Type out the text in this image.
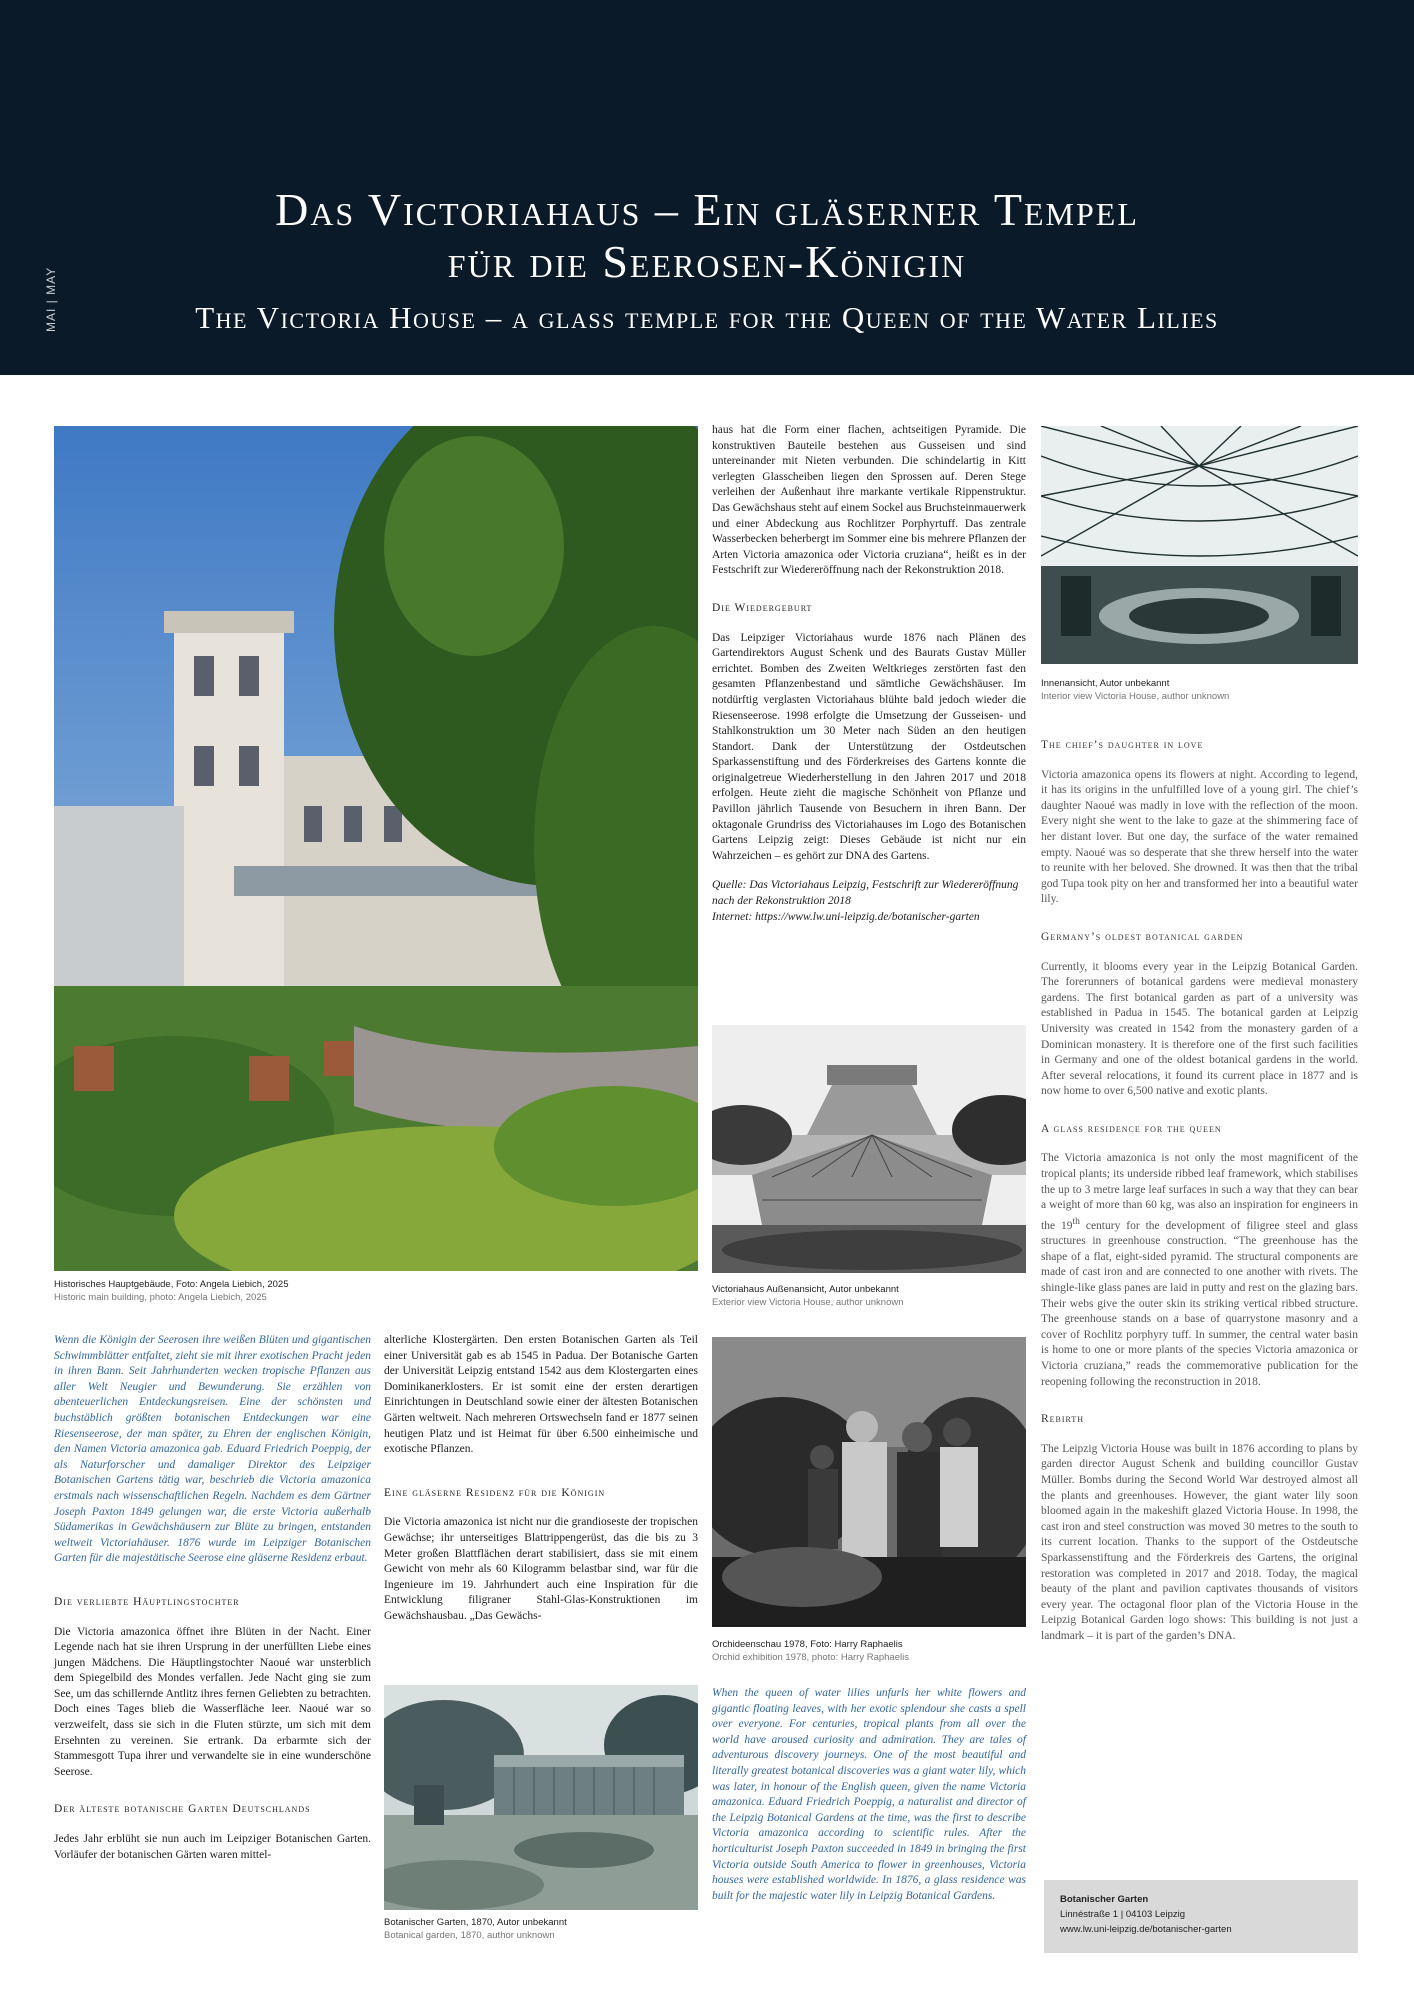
MAI | MAY
Das Victoriahaus – Ein gläserner Tempel
für die Seerosen-Königin
The Victoria House – a glass temple for the Queen of the Water Lilies
Historisches Hauptgebäude, Foto: Angela Liebich, 2025
Historic main building, photo: Angela Liebich, 2025

Wenn die Königin der Seerosen ihre weißen Blüten und gigantischen Schwimmblätter entfaltet, zieht sie mit ihrer exotischen Pracht jeden in ihren Bann. Seit Jahrhunderten wecken tropische Pflanzen aus aller Welt Neugier und Bewunderung. Sie erzählen von abenteuerlichen Entdeckungsreisen. Eine der schönsten und buchstäblich größten botanischen Entdeckungen war eine Riesenseerose, der man später, zu Ehren der englischen Königin, den Namen Victoria amazonica gab. Eduard Friedrich Poeppig, der als Naturforscher und damaliger Direktor des Leipziger Botanischen Gartens tätig war, beschrieb die Victoria amazonica erstmals nach wissenschaftlichen Regeln. Nachdem es dem Gärtner Joseph Paxton 1849 gelungen war, die erste Victoria außerhalb Südamerikas in Gewächshäusern zur Blüte zu bringen, entstanden weltweit Victoriahäuser. 1876 wurde im Leipziger Botanischen Garten für die majestätische Seerose eine gläserne Residenz erbaut.

Die verliebte Häuptlingstochter

Die Victoria amazonica öffnet ihre Blüten in der Nacht. Einer Legende nach hat sie ihren Ursprung in der unerfüllten Liebe eines jungen Mädchens. Die Häuptlingstochter Naoué war unsterblich dem Spiegelbild des Mondes verfallen. Jede Nacht ging sie zum See, um das schillernde Antlitz ihres fernen Geliebten zu betrachten. Doch eines Tages blieb die Wasserfläche leer. Naoué war so verzweifelt, dass sie sich in die Fluten stürzte, um sich mit dem Ersehnten zu vereinen. Sie ertrank. Da erbarmte sich der Stammesgott Tupa ihrer und verwandelte sie in eine wunderschöne Seerose.

Der älteste botanische Garten Deutschlands

Jedes Jahr erblüht sie nun auch im Leipziger Botanischen Garten. Vorläufer der botanischen Gärten waren mittel-

alterliche Klostergärten. Den ersten Botanischen Garten als Teil einer Universität gab es ab 1545 in Padua. Der Botanische Garten der Universität Leipzig entstand 1542 aus dem Klostergarten eines Dominikanerklosters. Er ist somit eine der ersten derartigen Einrichtungen in Deutschland sowie einer der ältesten Botanischen Gärten weltweit. Nach mehreren Ortswechseln fand er 1877 seinen heutigen Platz und ist Heimat für über 6.500 einheimische und exotische Pflanzen.

Eine gläserne Residenz für die Königin

Die Victoria amazonica ist nicht nur die grandioseste der tropischen Gewächse; ihr unterseitiges Blattrippengerüst, das die bis zu 3 Meter großen Blattflächen derart stabilisiert, dass sie mit einem Gewicht von mehr als 60 Kilogramm belastbar sind, war für die Ingenieure im 19. Jahrhundert auch eine Inspiration für die Entwicklung filigraner Stahl-Glas-Konstruktionen im Gewächshausbau. „Das Gewächs-

Botanischer Garten, 1870, Autor unbekannt
Botanical garden, 1870, author unknown

haus hat die Form einer flachen, achtseitigen Pyramide. Die konstruktiven Bauteile bestehen aus Gusseisen und sind untereinander mit Nieten verbunden. Die schindelartig in Kitt verlegten Glasscheiben liegen den Sprossen auf. Deren Stege verleihen der Außenhaut ihre markante vertikale Rippenstruktur. Das Gewächshaus steht auf einem Sockel aus Bruchsteinmauerwerk und einer Abdeckung aus Rochlitzer Porphyrtuff. Das zentrale Wasserbecken beherbergt im Sommer eine bis mehrere Pflanzen der Arten Victoria amazonica oder Victoria cruziana“, heißt es in der Festschrift zur Wiedereröffnung nach der Rekonstruktion 2018.

Die Wiedergeburt

Das Leipziger Victoriahaus wurde 1876 nach Plänen des Gartendirektors August Schenk und des Baurats Gustav Müller errichtet. Bomben des Zweiten Weltkrieges zerstörten fast den gesamten Pflanzenbestand und sämtliche Gewächshäuser. Im notdürftig verglasten Victoriahaus blühte bald jedoch wieder die Riesenseerose. 1998 erfolgte die Umsetzung der Gusseisen- und Stahlkonstruktion um 30 Meter nach Süden an den heutigen Standort. Dank der Unterstützung der Ostdeutschen Sparkassenstiftung und des Förderkreises des Gartens konnte die originalgetreue Wiederherstellung in den Jahren 2017 und 2018 erfolgen. Heute zieht die magische Schönheit von Pflanze und Pavillon jährlich Tausende von Besuchern in ihren Bann. Der oktagonale Grundriss des Victoriahauses im Logo des Botanischen Gartens Leipzig zeigt: Dieses Gebäude ist nicht nur ein Wahrzeichen – es gehört zur DNA des Gartens.

Quelle: Das Victoriahaus Leipzig, Festschrift zur Wiedereröffnung nach der Rekonstruktion 2018
Internet: https://www.lw.uni-leipzig.de/botanischer-garten

Victoriahaus Außenansicht, Autor unbekannt
Exterior view Victoria House, author unknown
Orchideenschau 1978, Foto: Harry Raphaelis
Orchid exhibition 1978, photo: Harry Raphaelis

When the queen of water lilies unfurls her white flowers and gigantic floating leaves, with her exotic splendour she casts a spell over everyone. For centuries, tropical plants from all over the world have aroused curiosity and admiration. They are tales of adventurous discovery journeys. One of the most beautiful and literally greatest botanical discoveries was a giant water lily, which was later, in honour of the English queen, given the name Victoria amazonica. Eduard Friedrich Poeppig, a naturalist and director of the Leipzig Botanical Gardens at the time, was the first to describe Victoria amazonica according to scientific rules. After the horticulturist Joseph Paxton succeeded in 1849 in bringing the first Victoria outside South America to flower in greenhouses, Victoria houses were established worldwide. In 1876, a glass residence was built for the majestic water lily in Leipzig Botanical Gardens.

Innenansicht, Autor unbekannt
Interior view Victoria House, author unknown
The chief’s daughter in love

Victoria amazonica opens its flowers at night. According to legend, it has its origins in the unfulfilled love of a young girl. The chief’s daughter Naoué was madly in love with the reflection of the moon. Every night she went to the lake to gaze at the shimmering face of her distant lover. But one day, the surface of the water remained empty. Naoué was so desperate that she threw herself into the water to reunite with her beloved. She drowned. It was then that the tribal god Tupa took pity on her and transformed her into a beautiful water lily.

Germany’s oldest botanical garden

Currently, it blooms every year in the Leipzig Botanical Garden. The forerunners of botanical gardens were medieval monastery gardens. The first botanical garden as part of a university was established in Padua in 1545. The botanical garden at Leipzig University was created in 1542 from the monastery garden of a Dominican monastery. It is therefore one of the first such facilities in Germany and one of the oldest botanical gardens in the world. After several relocations, it found its current place in 1877 and is now home to over 6,500 native and exotic plants.

A glass residence for the queen

The Victoria amazonica is not only the most magnificent of the tropical plants; its underside ribbed leaf framework, which stabilises the up to 3 metre large leaf surfaces in such a way that they can bear a weight of more than 60 kg, was also an inspiration for engineers in the 19th century for the development of filigree steel and glass structures in greenhouse construction. “The greenhouse has the shape of a flat, eight-sided pyramid. The structural components are made of cast iron and are connected to one another with rivets. The shingle-like glass panes are laid in putty and rest on the glazing bars. Their webs give the outer skin its striking vertical ribbed structure. The greenhouse stands on a base of quarrystone masonry and a cover of Rochlitz porphyry tuff. In summer, the central water basin is home to one or more plants of the species Victoria amazonica or Victoria cruziana,” reads the commemorative publication for the reopening following the reconstruction in 2018.

Rebirth

The Leipzig Victoria House was built in 1876 according to plans by garden director August Schenk and building councillor Gustav Müller. Bombs during the Second World War destroyed almost all the plants and greenhouses. However, the giant water lily soon bloomed again in the makeshift glazed Victoria House. In 1998, the cast iron and steel construction was moved 30 metres to the south to its current location. Thanks to the support of the Ostdeutsche Sparkassenstiftung and the Förderkreis des Gartens, the original restoration was completed in 2017 and 2018. Today, the magical beauty of the plant and pavilion captivates thousands of visitors every year. The octagonal floor plan of the Victoria House in the Leipzig Botanical Garden logo shows: This building is not just a landmark – it is part of the garden’s DNA.

Botanischer Garten
Linnéstraße 1 | 04103 Leipzig
www.lw.uni-leipzig.de/botanischer-garten
